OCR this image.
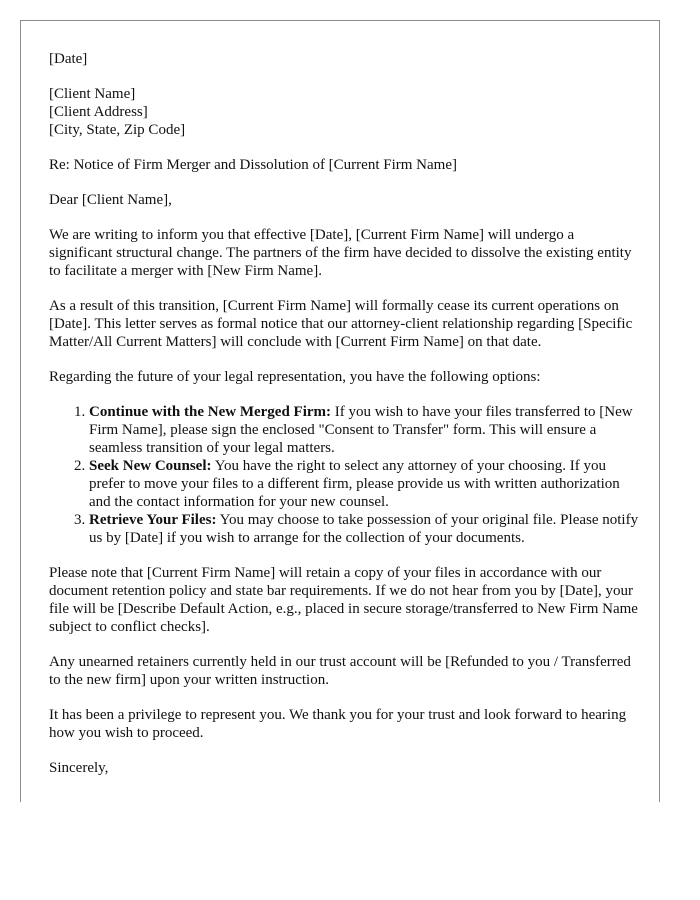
[Date]

[Client Name]

[Client Address]

[City, State, Zip Code]

Re: Notice of Firm Merger and Dissolution of [Current Firm Name]

Dear [Client Name],

We are writing to inform you that effective [Date], [Current Firm Name] will undergo a significant structural change. The partners of the firm have decided to dissolve the existing entity to facilitate a merger with [New Firm Name].

As a result of this transition, [Current Firm Name] will formally cease its current operations on [Date]. This letter serves as formal notice that our attorney-client relationship regarding [Specific Matter/All Current Matters] will conclude with [Current Firm Name] on that date.

Regarding the future of your legal representation, you have the following options:

1. Continue with the New Merged Firm: If you wish to have your files transferred to [New Firm Name], please sign the enclosed "Consent to Transfer" form. This will ensure a seamless transition of your legal matters.
2. Seek New Counsel: You have the right to select any attorney of your choosing. If you prefer to move your files to a different firm, please provide us with written authorization and the contact information for your new counsel.
3. Retrieve Your Files: You may choose to take possession of your original file. Please notify us by [Date] if you wish to arrange for the collection of your documents.

Please note that [Current Firm Name] will retain a copy of your files in accordance with our document retention policy and state bar requirements. If we do not hear from you by [Date], your file will be [Describe Default Action, e.g., placed in secure storage/transferred to New Firm Name subject to conflict checks].

Any unearned retainers currently held in our trust account will be [Refunded to you / Transferred to the new firm] upon your written instruction.

It has been a privilege to represent you. We thank you for your trust and look forward to hearing how you wish to proceed.

Sincerely,
